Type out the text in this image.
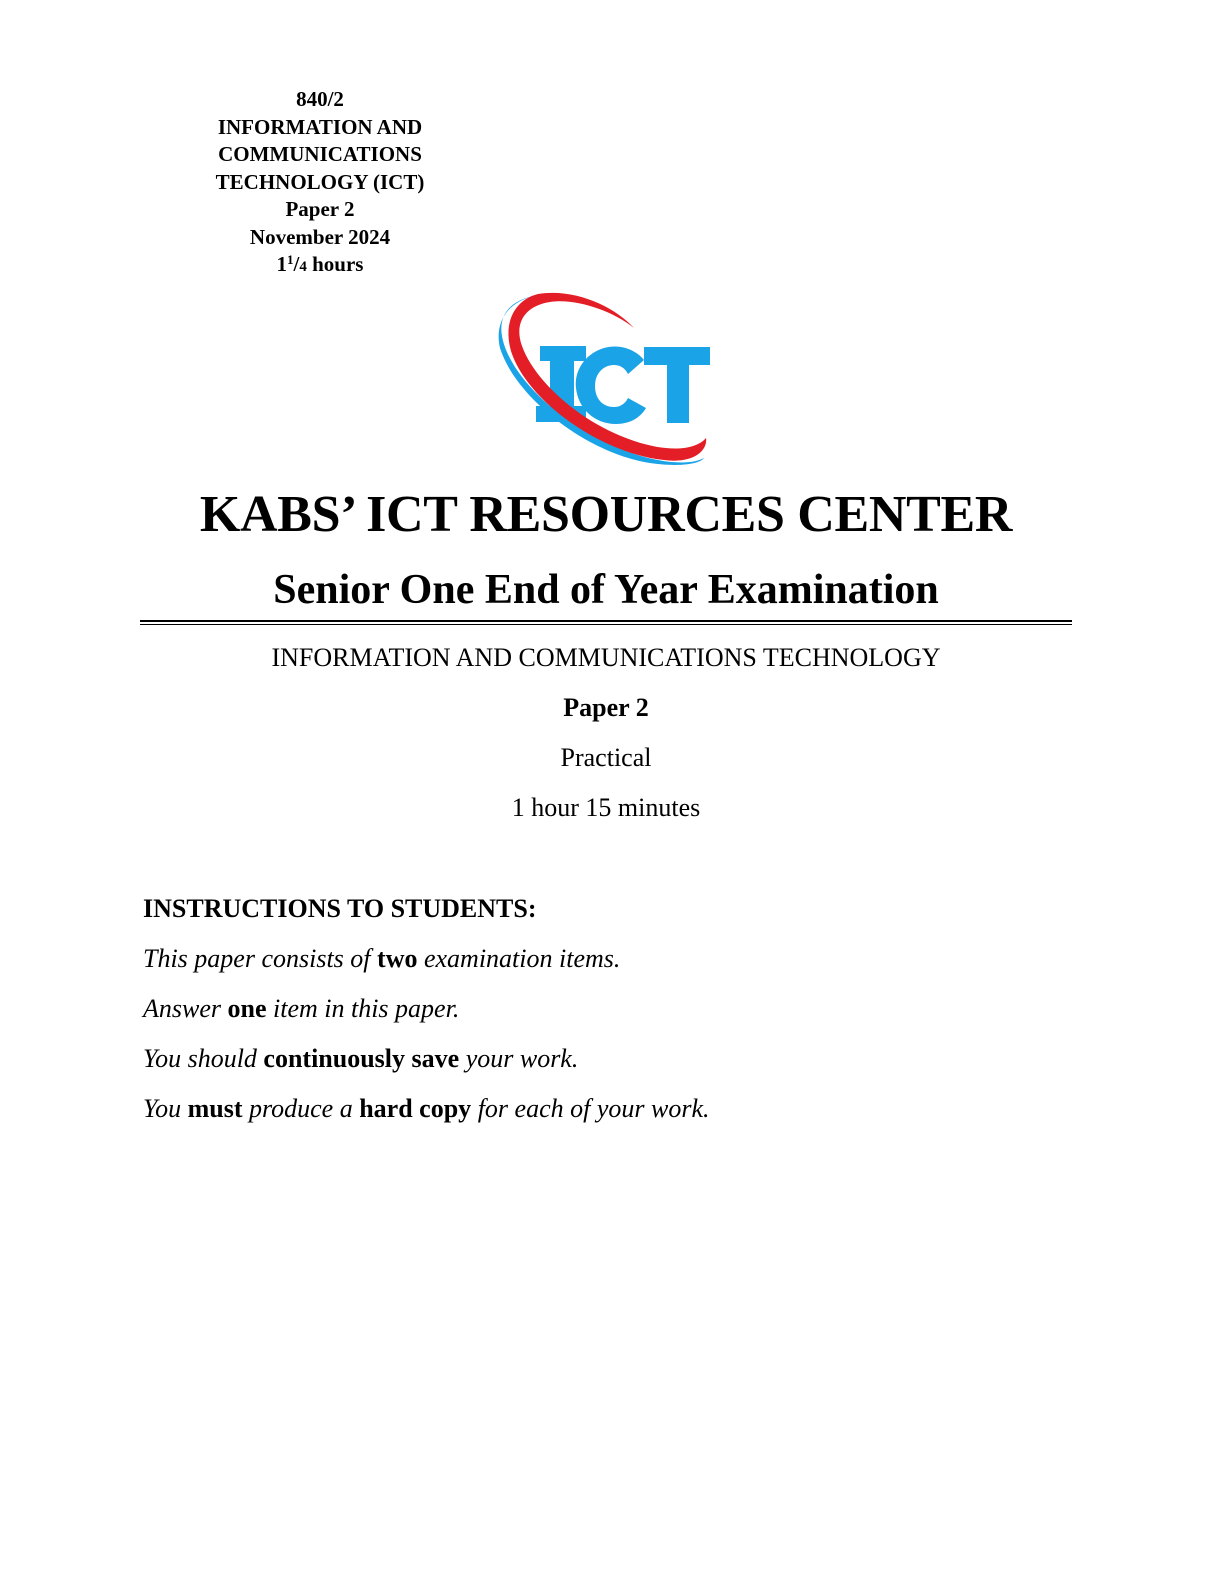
840/2
INFORMATION AND
COMMUNICATIONS
TECHNOLOGY (ICT)
Paper 2
November 2024
$1^1/4$ hours
KABS’ ICT RESOURCES CENTER
Senior One End of Year Examination
INFORMATION AND COMMUNICATIONS TECHNOLOGY
Paper 2
Practical
1 hour 15 minutes
INSTRUCTIONS TO STUDENTS:
This paper consists of two examination items.
Answer one item in this paper.
You should continuously save your work.
You must produce a hard copy for each of your work.
